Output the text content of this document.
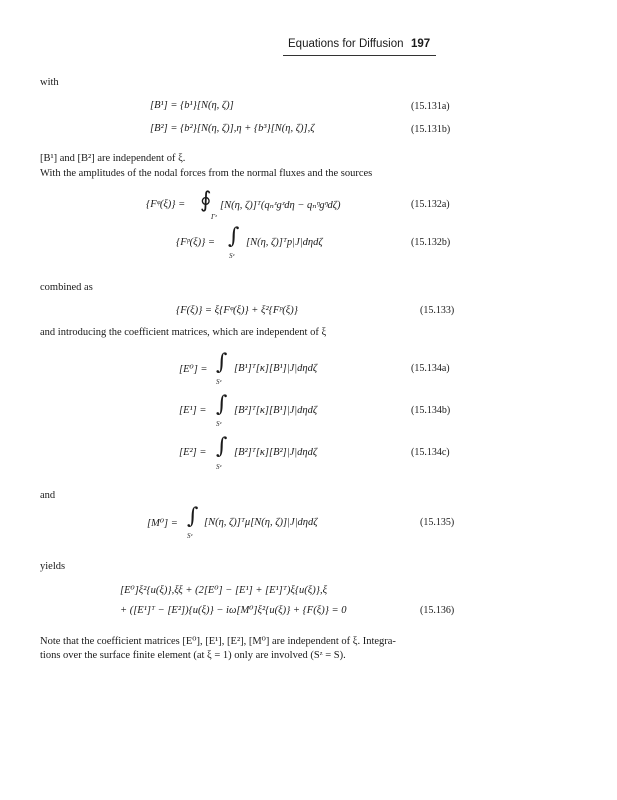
Equations for Diffusion 197
with
[B¹] = {b¹}[N(η, ζ)]	(15.131a)
[B²] = {b²}[N(η, ζ)],η + {b³}[N(η, ζ)],ζ	(15.131b)
[B¹] and [B²] are independent of ξ.
With the amplitudes of the nodal forces from the normal fluxes and the sources
{Fᵠ(ξ)} = ∮
Γᶻ
[N(η, ζ)]ᵀ(qₙᶻgᶻdη − qₙᵑgᵑdζ)	(15.132a)
{Fᵖ(ξ)} = ∫
Sᶻ
[N(η, ζ)]ᵀp|J|dηdζ	(15.132b)
combined as
{F(ξ)} = ξ{Fᵠ(ξ)} + ξ²{Fᵖ(ξ)}	(15.133)
and introducing the coefficient matrices, which are independent of ξ
[E⁰] = ∫
Sᶻ
[B¹]ᵀ[κ][B¹]|J|dηdζ	(15.134a)
[E¹] = ∫
Sᶻ
[B²]ᵀ[κ][B¹]|J|dηdζ	(15.134b)
[E²] = ∫
Sᶻ
[B²]ᵀ[κ][B²]|J|dηdζ	(15.134c)
and
[M⁰] = ∫
Sᶻ
[N(η, ζ)]ᵀμ[N(η, ζ)]|J|dηdζ	(15.135)
yields
[E⁰]ξ²{u(ξ)},ξξ + (2[E⁰] − [E¹] + [E¹]ᵀ)ξ{u(ξ)},ξ
+ ([E¹]ᵀ − [E²]){u(ξ)} − iω[M⁰]ξ²{u(ξ)} + {F(ξ)} = 0	(15.136)
Note that the coefficient matrices [E⁰], [E¹], [E²], [M⁰] are independent of ξ. Integra-
tions over the surface finite element (at ξ = 1) only are involved (Sᶻ = S).
